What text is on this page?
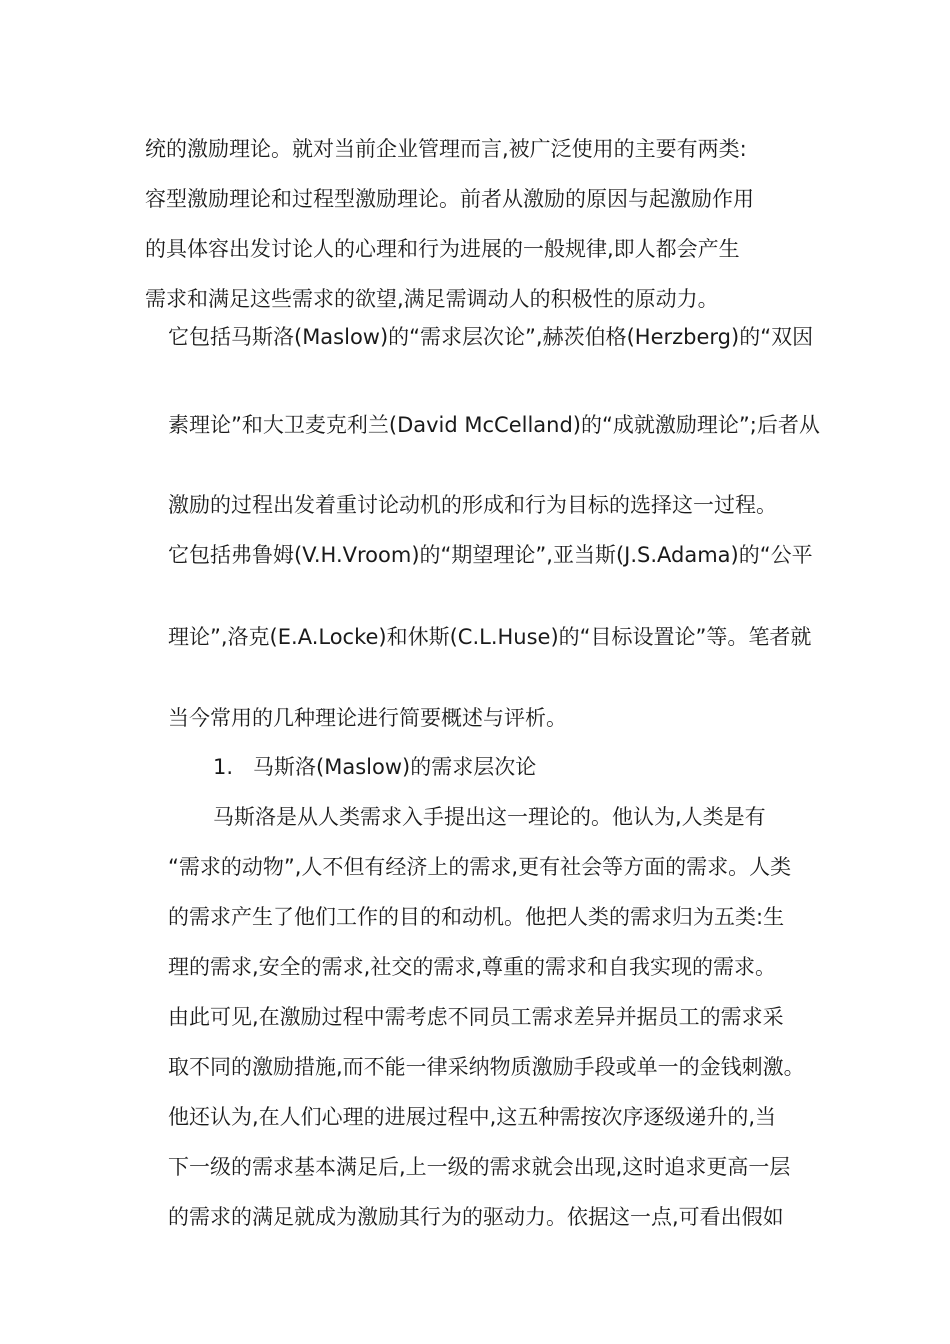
统的激励理论。就对当前企业管理而言,被广泛使用的主要有两类:

容型激励理论和过程型激励理论。前者从激励的原因与起激励作用

的具体容出发讨论人的心理和行为进展的一般规律,即人都会产生

需求和满足这些需求的欲望,满足需调动人的积极性的原动力。

它包括马斯洛(Maslow)的“需求层次论”,赫茨伯格(Herzberg)的“双因

素理论”和大卫麦克利兰(David McCelland)的“成就激励理论”;后者从

激励的过程出发着重讨论动机的形成和行为目标的选择这一过程。

它包括弗鲁姆(V.H.Vroom)的“期望理论”,亚当斯(J.S.Adama)的“公平

理论”,洛克(E.A.Locke)和休斯(C.L.Huse)的“目标设置论”等。笔者就

当今常用的几种理论进行简要概述与评析。

1.   马斯洛(Maslow)的需求层次论

马斯洛是从人类需求入手提出这一理论的。他认为,人类是有

“需求的动物”,人不但有经济上的需求,更有社会等方面的需求。人类

的需求产生了他们工作的目的和动机。他把人类的需求归为五类:生

理的需求,安全的需求,社交的需求,尊重的需求和自我实现的需求。

由此可见,在激励过程中需考虑不同员工需求差异并据员工的需求采

取不同的激励措施,而不能一律采纳物质激励手段或单一的金钱刺激。

他还认为,在人们心理的进展过程中,这五种需按次序逐级递升的,当

下一级的需求基本满足后,上一级的需求就会出现,这时追求更高一层

的需求的满足就成为激励其行为的驱动力。依据这一点,可看出假如
